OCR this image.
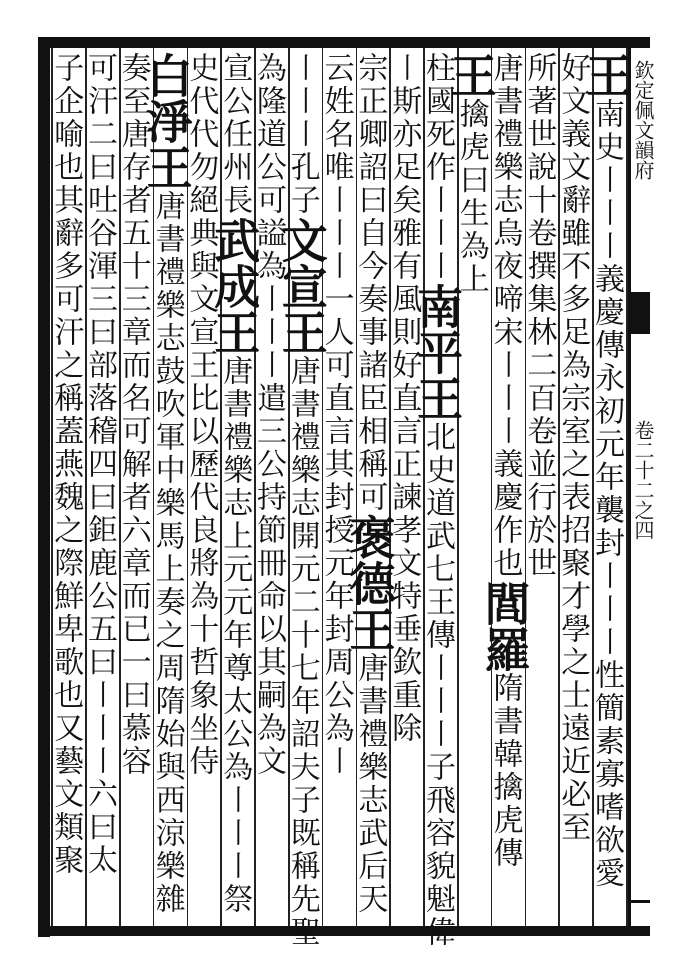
欽定佩文韻府
卷二十二之四
王南史〡〡〡義慶傳永初元年襲封〡〡〡性簡素寡嗜欲愛
好文義文辭雖不多足為宗室之表招聚才學之士遠近必至
所著世說十卷撰集林二百卷並行於世
唐書禮樂志烏夜啼宋〡〡〡義慶作也閭羅隋書韓擒虎傳
王擒虎曰生為上
柱國死作〡〡〡南平王北史道武七王傳〡〡〡子飛容貌魁偉
〡斯亦足矣雅有風則好直言正諫孝文特垂欽重除
宗正卿詔曰自今奏事諸臣相稱可褒德王唐書禮樂志武后天
云姓名唯〡〡〡一人可直言其封授元年封周公為〡
〡〡〡孔子文宣王唐書禮樂志開元二十七年詔夫子既稱先聖
為隆道公可謚為〡〡〡遣三公持節冊命以其嗣為文
宣公任州長武成王唐書禮樂志上元元年尊太公為〡〡〡祭
史代代勿絕典與文宣王比以歷代良將為十哲象坐侍
白淨王唐書禮樂志鼓吹軍中樂馬上奏之周隋始與西涼樂雜
奏至唐存者五十三章而名可解者六章而已一曰慕容
可汗二曰吐谷渾三曰部落稽四曰鉅鹿公五曰〡〡〡六曰太
子企喻也其辭多可汗之稱蓋燕魏之際鮮卑歌也又藝文類聚
